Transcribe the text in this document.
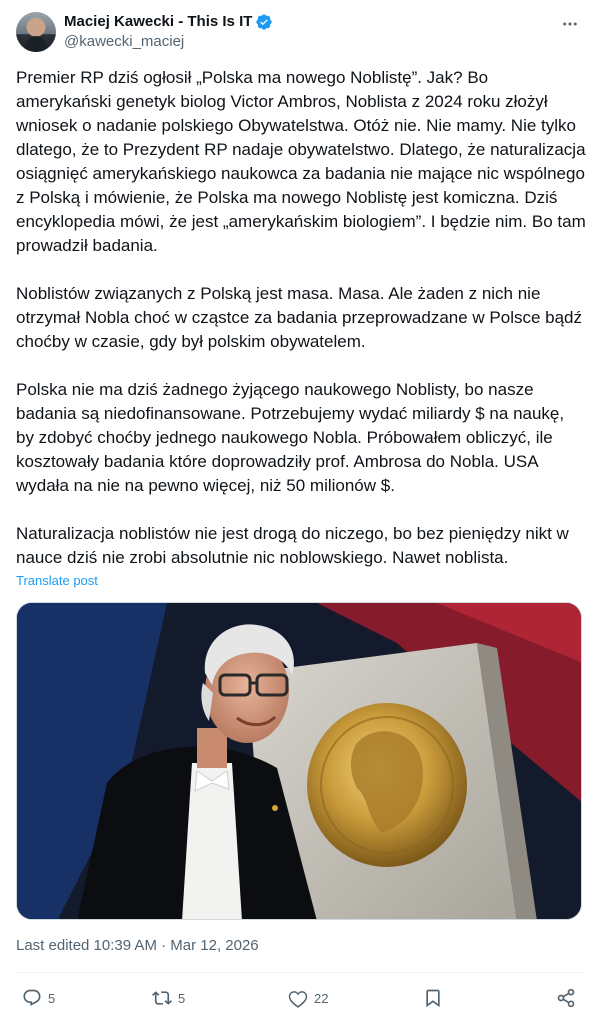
Maciej Kawecki - This Is IT
@kawecki_maciej

Premier RP dziś ogłosił „Polska ma nowego Noblistę”. Jak? Bo amerykański genetyk biolog Victor Ambros, Noblista z 2024 roku złożył wniosek o nadanie polskiego Obywatelstwa. Otóż nie. Nie mamy. Nie tylko dlatego, że to Prezydent RP nadaje obywatelstwo. Dlatego, że naturalizacja osiągnięć amerykańskiego naukowca za badania nie mające nic wspólnego z Polską i mówienie, że Polska ma nowego Noblistę jest komiczna. Dziś encyklopedia mówi, że jest „amerykańskim biologiem”. I będzie nim. Bo tam prowadził badania.

Noblistów związanych z Polską jest masa. Masa. Ale żaden z nich nie otrzymał Nobla choć w cząstce za badania przeprowadzane w Polsce bądź choćby w czasie, gdy był polskim obywatelem.

Polska nie ma dziś żadnego żyjącego naukowego Noblisty, bo nasze badania są niedofinansowane. Potrzebujemy wydać miliardy $ na naukę, by zdobyć choćby jednego naukowego Nobla. Próbowałem obliczyć, ile kosztowały badania które doprowadziły prof. Ambrosa do Nobla. USA wydała na nie na pewno więcej, niż 50 milionów $.

Naturalizacja noblistów nie jest drogą do niczego, bo bez pieniędzy nikt w nauce dziś nie zrobi absolutnie nic noblowskiego. Nawet noblista.

Translate post
Last edited 10:39 AM · Mar 12, 2026
5	5	22
